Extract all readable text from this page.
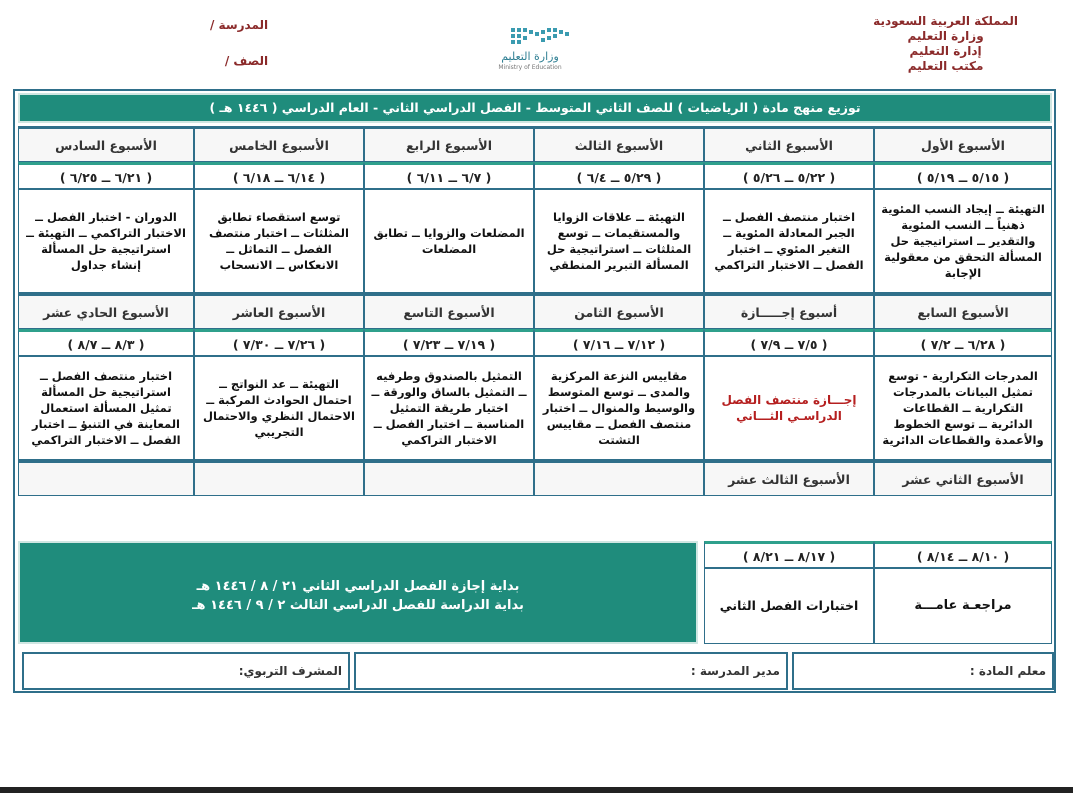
المملكة العربية السعودية
وزارة التعليم
إدارة التعليم
مكتب التعليم
المدرسة /
الصف /	وزارة التعليم
Ministry of Education
توزيع منهج مادة ( الرياضيات ) للصف الثاني المتوسط - الفصل الدراسي الثاني - العام الدراسي ( ١٤٤٦ هـ )
الأسبوع الأول
الأسبوع الثاني
الأسبوع الثالث
الأسبوع الرابع
الأسبوع الخامس
الأسبوع السادس
( ٥/١٥ ــ ٥/١٩ )
( ٥/٢٢ ــ ٥/٢٦ )
( ٥/٢٩ ــ ٦/٤ )
( ٦/٧ ــ ٦/١١ )
( ٦/١٤ ــ ٦/١٨ )
( ٦/٢١ ــ ٦/٢٥ )
التهيئة ــ إيجاد النسب المئوية ذهنياً ــ النسب المئوية والتقدير ــ استراتيجية حل المسألة التحقق من معقولية الإجابة
اختبار منتصف الفصل ــ الجبر المعادلة المئوية ــ التغير المئوي ــ اختبار الفصل ــ الاختبار التراكمي
التهيئة ــ علاقات الزوايا والمستقيمات ــ توسع المثلثات ــ استراتيجية حل المسألة التبرير المنطقي
المضلعات والزوايا ــ تطابق المضلعات
توسع استقصاء تطابق المثلثات ــ اختبار منتصف الفصل ــ التماثل ــ الانعكاس ــ الانسحاب
الدوران - اختبار الفصل ــ الاختبار التراكمي ــ التهيئة ــ استراتيجية حل المسألة إنشاء جداول
الأسبوع السابع
أسبوع إجـــــازة
الأسبوع الثامن
الأسبوع التاسع
الأسبوع العاشر
الأسبوع الحادي عشر
( ٦/٢٨ ــ ٧/٢ )
( ٧/٥ ــ ٧/٩ )
( ٧/١٢ ــ ٧/١٦ )
( ٧/١٩ ــ ٧/٢٣ )
( ٧/٢٦ ــ ٧/٣٠ )
( ٨/٣ ــ ٨/٧ )
المدرجات التكرارية - توسع تمثيل البيانات بالمدرجات التكرارية ــ القطاعات الدائرية ــ توسع الخطوط والأعمدة والقطاعات الدائرية
إجـــازة منتصف الفصل الدراسـي الثـــاني
مقاييس النزعة المركزية والمدى ــ توسع المتوسط والوسيط والمنوال ــ اختبار منتصف الفصل ــ مقاييس التشتت
التمثيل بالصندوق وطرفيه ــ التمثيل بالساق والورقة ــ اختيار طريقة التمثيل المناسبة ــ اختبار الفصل ــ الاختبار التراكمي
التهيئة ــ عد النواتج ــ احتمال الحوادث المركبة ــ الاحتمال النظري والاحتمال التجريبي
اختبار منتصف الفصل ــ استراتيجية حل المسألة تمثيل المسألة استعمال المعاينة في التنبؤ ــ اختبار الفصل ــ الاختبار التراكمي
الأسبوع الثاني عشر
الأسبوع الثالث عشر
بداية إجازة الفصل الدراسي الثاني ٢١ / ٨ / ١٤٤٦ هـ
بداية الدراسة للفصل الدراسي الثالث ٢ / ٩ / ١٤٤٦ هـ
( ٨/١٠ ــ ٨/١٤ )
( ٨/١٧ ــ ٨/٢١ )
مراجعـة عامـــة
اختبارات الفصل الثاني
معلم المادة :
مدير المدرسة :
المشرف التربوي:
